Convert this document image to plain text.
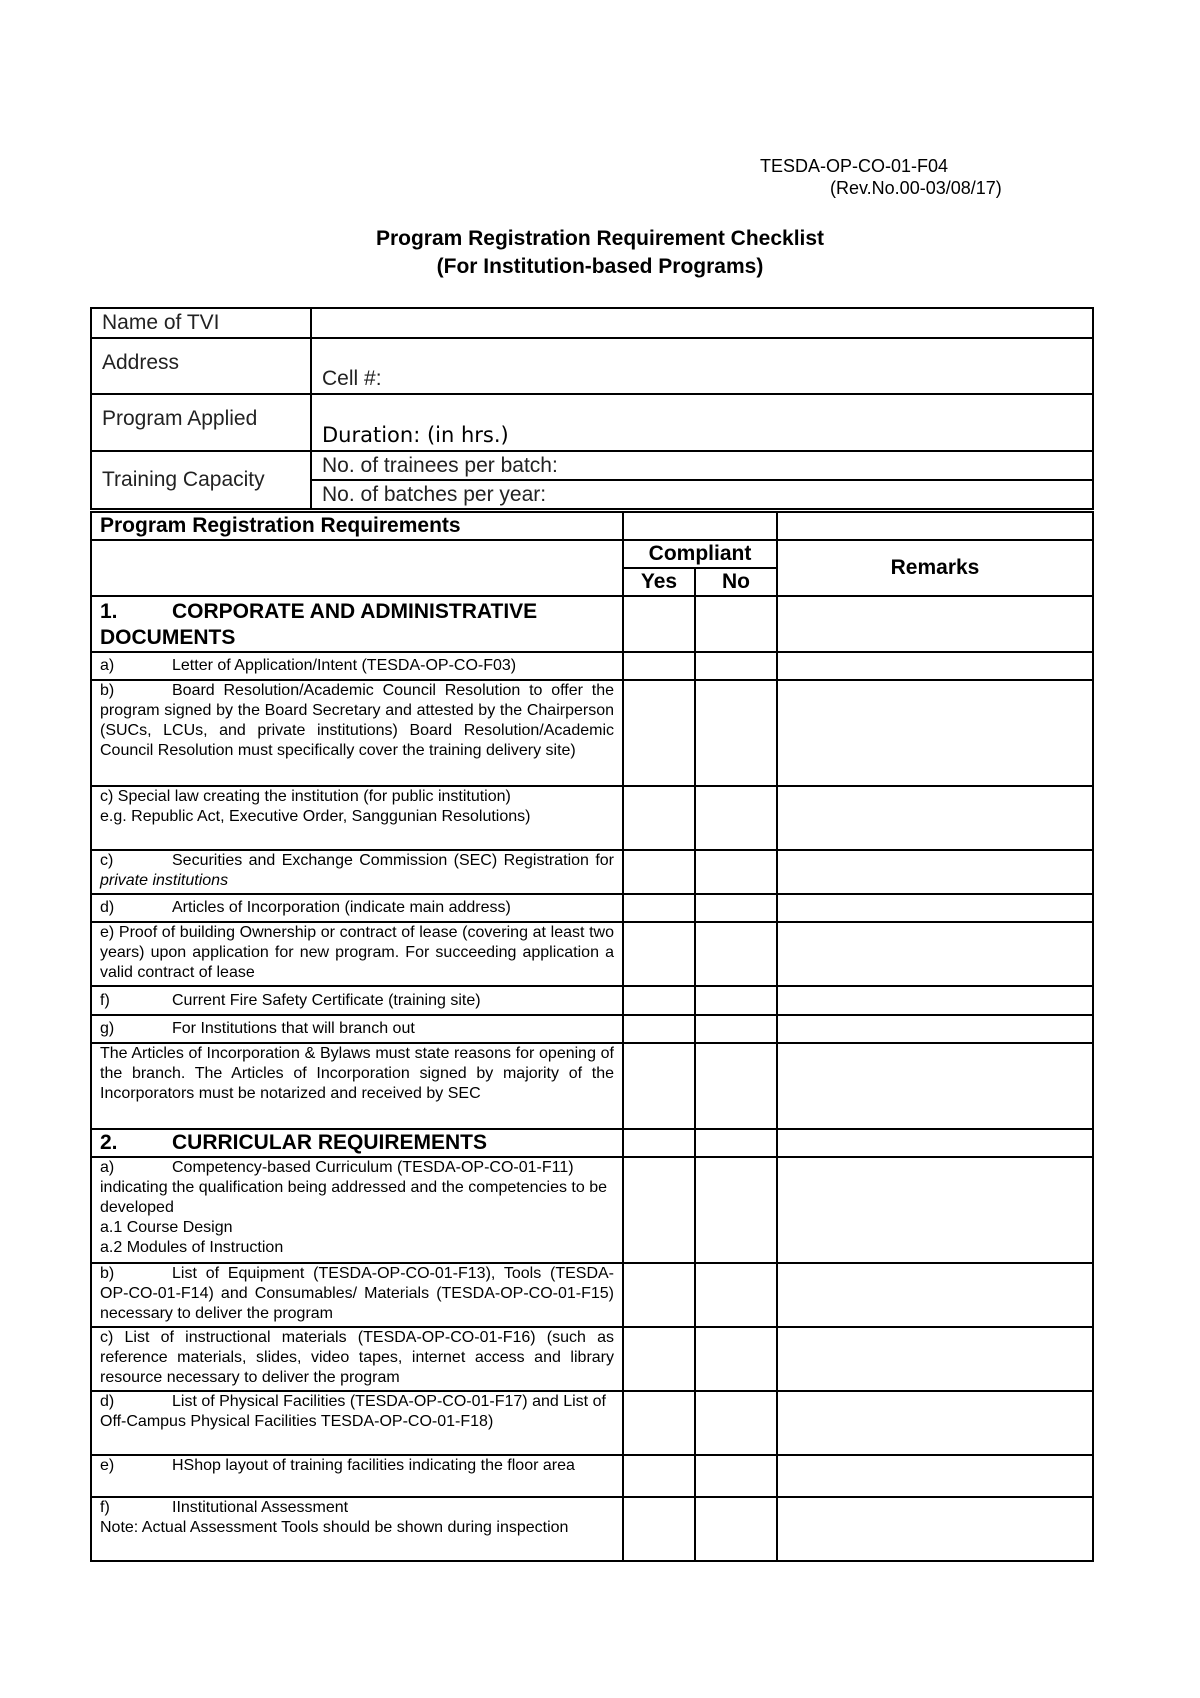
TESDA-OP-CO-01-F04
(Rev.No.00-03/08/17)
Program Registration Requirement Checklist
(For Institution-based Programs)
Name of TVI	
Address	Cell #:
Program Applied	Duration: (in hrs.)
Training Capacity	No. of trainees per batch:
	No. of batches per year:
Program Registration Requirements			
	Compliant		Remarks
	Yes	No	
1. CORPORATE AND ADMINISTRATIVE
DOCUMENTS			
a) Letter of Application/Intent (TESDA-OP-CO-F03)			
b) Board Resolution/Academic Council Resolution to offer the program signed by the Board Secretary and attested by the Chairperson (SUCs, LCUs, and private institutions) Board Resolution/Academic Council Resolution must specifically cover the training delivery site)			

c) Special law creating the institution (for public institution)
e.g. Republic Act, Executive Order, Sanggunian Resolutions)			
c) Securities and Exchange Commission (SEC) Registration for private institutions			
d) Articles of Incorporation (indicate main address)			
e) Proof of building Ownership or contract of lease (covering at least two years) upon application for new program. For succeeding application a valid contract of lease			
f) Current Fire Safety Certificate (training site)			
g) For Institutions that will branch out			
The Articles of Incorporation & Bylaws must state reasons for opening of the branch. The Articles of Incorporation signed by majority of the Incorporators must be notarized and received by SEC			
2. CURRICULAR REQUIREMENTS			
a) Competency-based Curriculum (TESDA-OP-CO-01-F11) indicating the qualification being addressed and the competencies to be developed
a.1 Course Design
a.2 Modules of Instruction			

b) List of Equipment (TESDA-OP-CO-01-F13), Tools (TESDA-OP-CO-01-F14) and Consumables/ Materials (TESDA-OP-CO-01-F15) necessary to deliver the program			
c) List of instructional materials (TESDA-OP-CO-01-F16) (such as reference materials, slides, video tapes, internet access and library resource necessary to deliver the program			
d) List of Physical Facilities (TESDA-OP-CO-01-F17) and List of Off-Campus Physical Facilities TESDA-OP-CO-01-F18)			
e) HShop layout of training facilities indicating the floor area			
f) IInstitutional Assessment
Note: Actual Assessment Tools should be shown during inspection			
